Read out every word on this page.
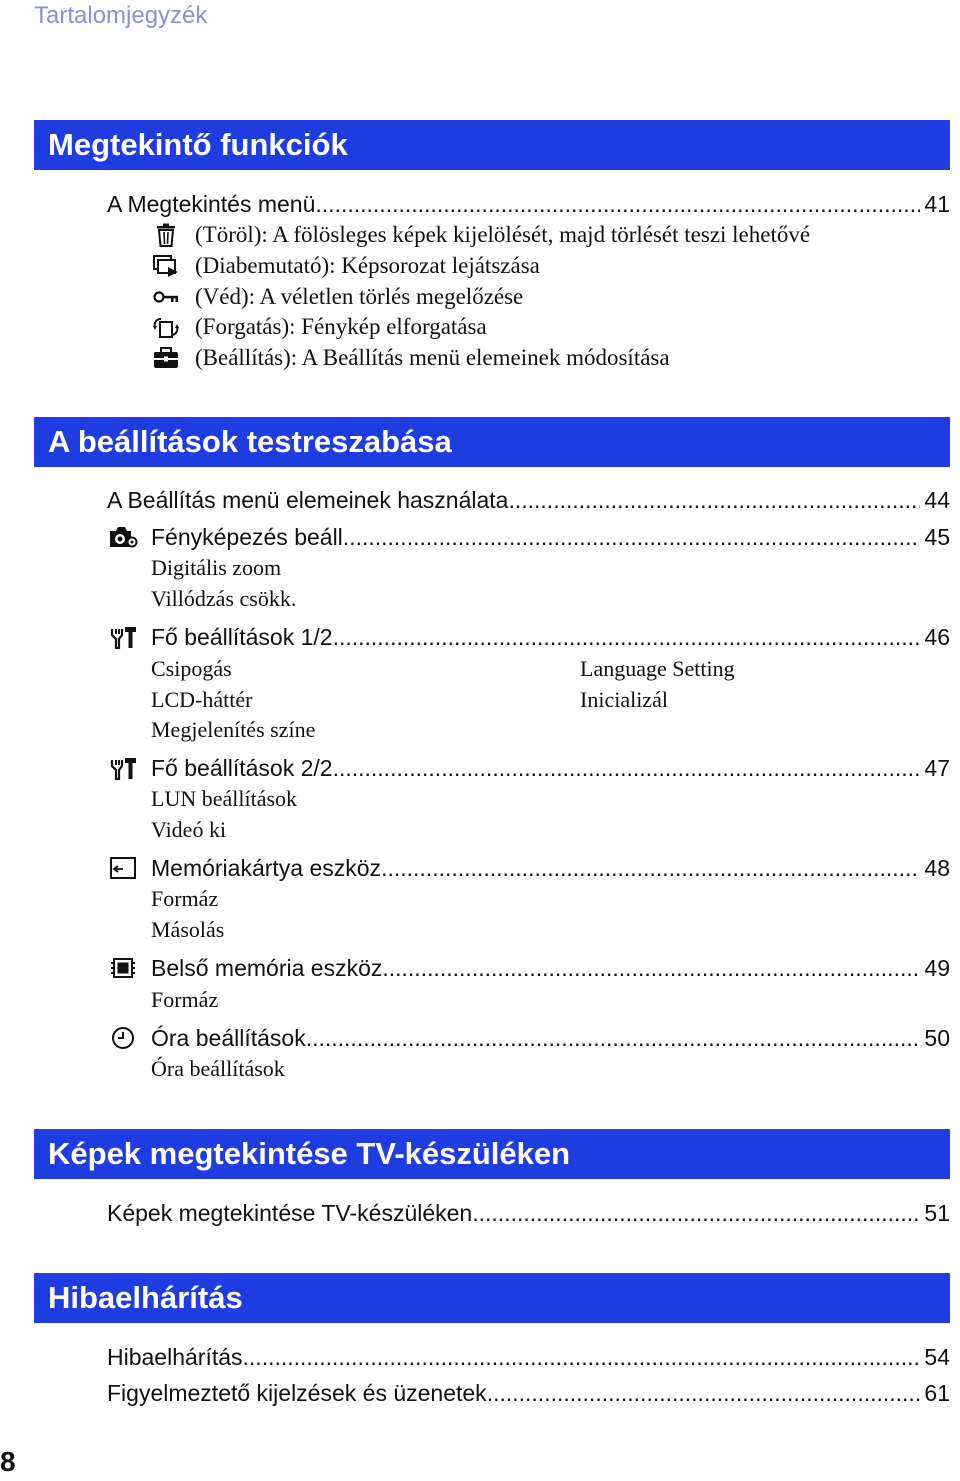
Tartalomjegyzék
Megtekintő funkciók
A Megtekintés menü .....	41
(Töröl): A fölösleges képek kijelölését, majd törlését teszi lehetővé
(Diabemutató): Képsorozat lejátszása
(Véd): A véletlen törlés megelőzése
(Forgatás): Fénykép elforgatása
(Beállítás): A Beállítás menü elemeinek módosítása
A beállítások testreszabása
A Beállítás menü elemeinek használata .....	44
Fényképezés beáll. .....	45
Digitális zoom
Villódzás csökk.
Fő beállítások 1/2 .....	46
Csipogás
LCD-háttér
Megjelenítés színe
Language Setting
Inicializál
Fő beállítások 2/2 .....	47
LUN beállítások
Videó ki
Memóriakártya eszköz .....	48
Formáz
Másolás
Belső memória eszköz .....	49
Formáz
Óra beállítások .....	50
Óra beállítások
Képek megtekintése TV-készüléken
Képek megtekintése TV-készüléken .....	51
Hibaelhárítás
Hibaelhárítás .....	54
Figyelmeztető kijelzések és üzenetek .....	61
8
